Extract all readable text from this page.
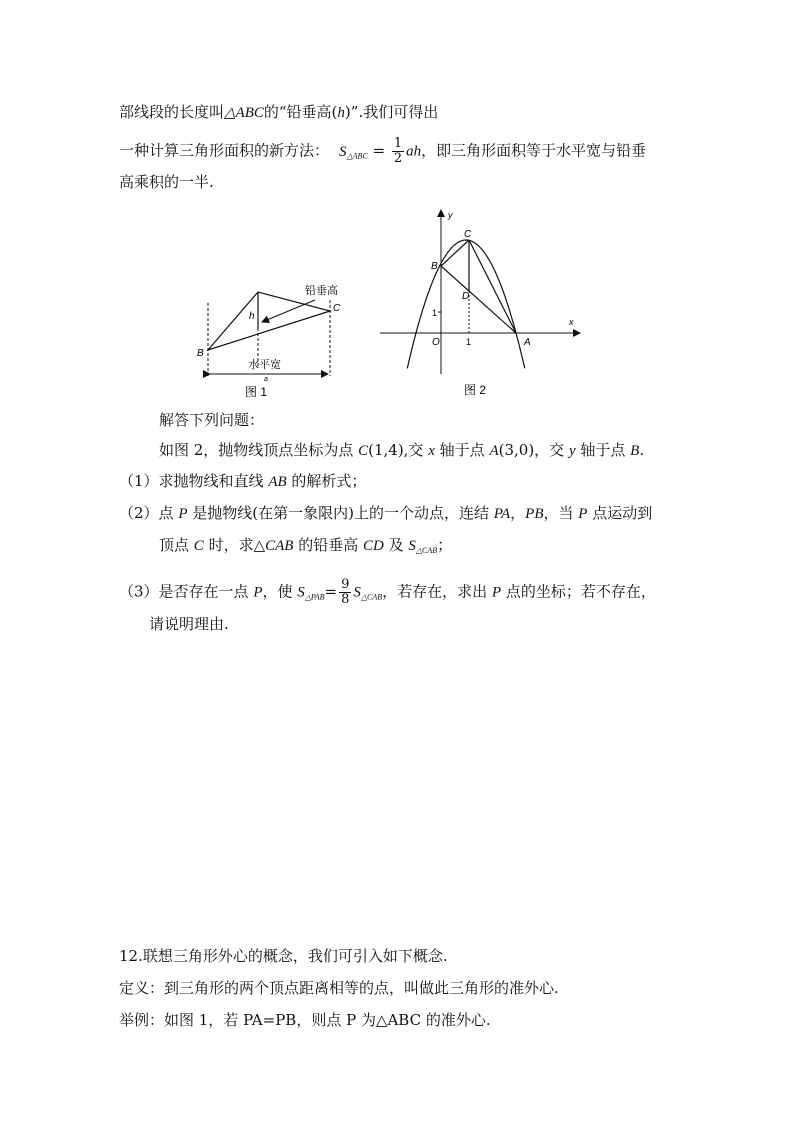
部线段的长度叫△ABC的“铅垂高(h)”.我们可得出
一种计算三角形面积的新方法： $S_{\triangle ABC} = \frac{1}{2}$ ah，即三角形面积等于水平宽与铅垂
高乘积的一半.
B
C
h
铅垂高
水平宽
a
图 1
y
x
C
B
D
O	A
1
1
图 2
解答下列问题：
如图 2，抛物线顶点坐标为点 C(1,4),交 x 轴于点 A(3,0)，交 y 轴于点 B.
（1）求抛物线和直线 AB 的解析式；
（2）点 P 是抛物线(在第一象限内)上的一个动点，连结 PA，PB，当 P 点运动到
顶点 C 时，求△CAB 的铅垂高 CD 及 $S_{\triangle CAB}$；
（3）是否存在一点 P，使 $S_{\triangle PAB}= \frac{9}{8} S_{\triangle CAB}$，若存在，求出 P 点的坐标；若不存在，
请说明理由.
12.联想三角形外心的概念，我们可引入如下概念.
定义：到三角形的两个顶点距离相等的点，叫做此三角形的准外心.
举例：如图 1，若 PA=PB，则点 P 为△ABC 的准外心.
